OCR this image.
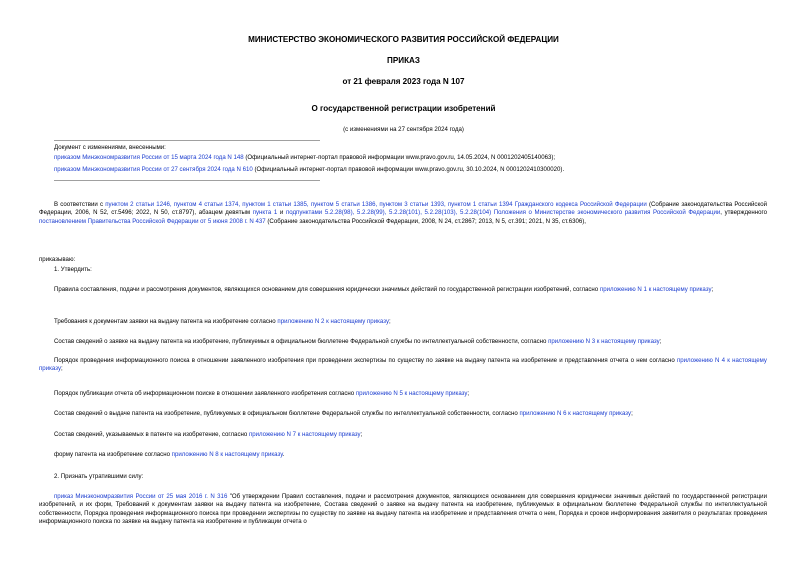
МИНИСТЕРСТВО ЭКОНОМИЧЕСКОГО РАЗВИТИЯ РОССИЙСКОЙ ФЕДЕРАЦИИ
ПРИКАЗ
от 21 февраля 2023 года N 107
О государственной регистрации изобретений
(с изменениями на 27 сентября 2024 года)
Документ с изменениями, внесенными:
приказом Минэкономразвития России от 15 марта 2024 года N 148 (Официальный интернет-портал правовой информации www.pravo.gov.ru, 14.05.2024, N 0001202405140063);
приказом Минэкономразвития России от 27 сентября 2024 года N 610 (Официальный интернет-портал правовой информации www.pravo.gov.ru, 30.10.2024, N 0001202410300020).
В соответствии с пунктом 2 статьи 1246, пунктом 4 статьи 1374, пунктом 1 статьи 1385, пунктом 5 статьи 1386, пунктом 3 статьи 1393, пунктом 1 статьи 1394 Гражданского кодекса Российской Федерации (Собрание законодательства Российской Федерации, 2006, N 52, ст.5496; 2022, N 50, ст.8797), абзацем девятым пункта 1 и подпунктами 5.2.28(98), 5.2.28(99), 5.2.28(101), 5.2.28(103), 5.2.28(104) Положения о Министерстве экономического развития Российской Федерации, утвержденного постановлением Правительства Российской Федерации от 5 июня 2008 г. N 437 (Собрание законодательства Российской Федерации, 2008, N 24, ст.2867; 2013, N 5, ст.391; 2021, N 35, ст.6306),
приказываю:
1. Утвердить:
Правила составления, подачи и рассмотрения документов, являющихся основанием для совершения юридически значимых действий по государственной регистрации изобретений, согласно приложению N 1 к настоящему приказу;
Требования к документам заявки на выдачу патента на изобретение согласно приложению N 2 к настоящему приказу;
Состав сведений о заявке на выдачу патента на изобретение, публикуемых в официальном бюллетене Федеральной службы по интеллектуальной собственности, согласно приложению N 3 к настоящему приказу;
Порядок проведения информационного поиска в отношении заявленного изобретения при проведении экспертизы по существу по заявке на выдачу патента на изобретение и представления отчета о нем согласно приложению N 4 к настоящему приказу;
Порядок публикации отчета об информационном поиске в отношении заявленного изобретения согласно приложению N 5 к настоящему приказу;
Состав сведений о выдаче патента на изобретение, публикуемых в официальном бюллетене Федеральной службы по интеллектуальной собственности, согласно приложению N 6 к настоящему приказу;
Состав сведений, указываемых в патенте на изобретение, согласно приложению N 7 к настоящему приказу;
форму патента на изобретение согласно приложению N 8 к настоящему приказу.
2. Признать утратившими силу:
приказ Минэкономразвития России от 25 мая 2016 г. N 316 "Об утверждении Правил составления, подачи и рассмотрения документов, являющихся основанием для совершения юридически значимых действий по государственной регистрации изобретений, и их форм, Требований к документам заявки на выдачу патента на изобретение, Состава сведений о заявке на выдачу патента на изобретение, публикуемых в официальном бюллетене Федеральной службы по интеллектуальной собственности, Порядка проведения информационного поиска при проведении экспертизы по существу по заявке на выдачу патента на изобретение и представления отчета о нем, Порядка и сроков информирования заявителя о результатах проведения информационного поиска по заявке на выдачу патента на изобретение и публикации отчета о
